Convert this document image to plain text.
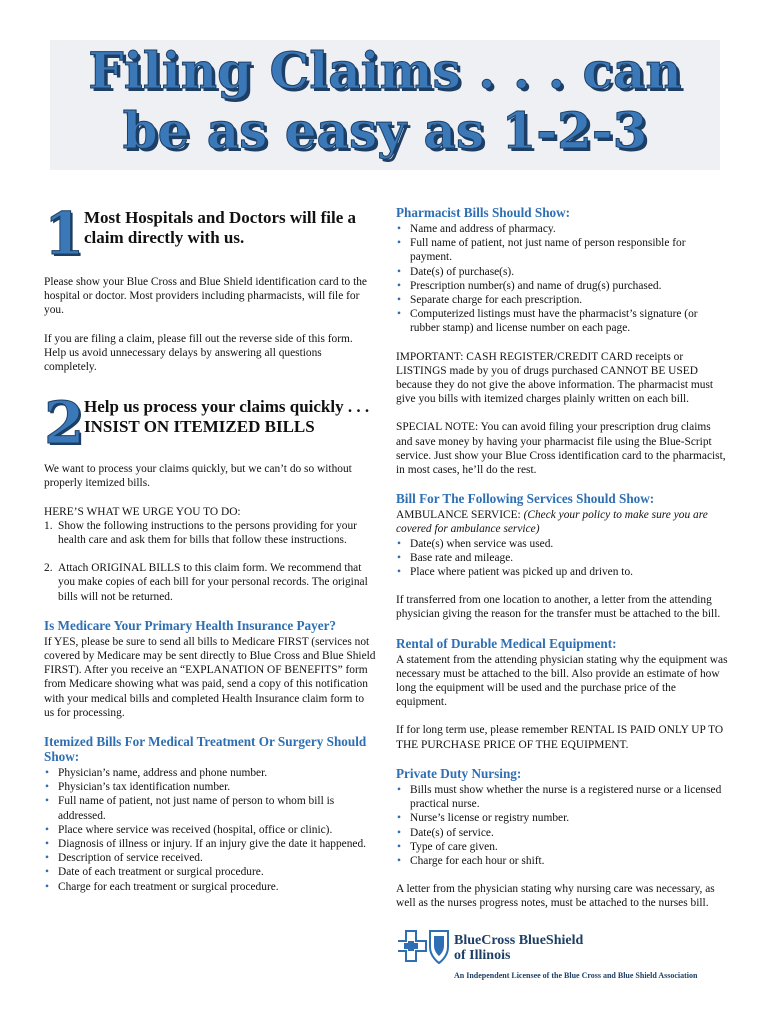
Filing Claims . . . can
be as easy as 1-2-3
1 Most Hospitals and Doctors will file a claim directly with us.

Please show your Blue Cross and Blue Shield identification card to the hospital or doctor. Most providers including pharmacists, will file for you.

If you are filing a claim, please fill out the reverse side of this form. Help us avoid unnecessary delays by answering all questions completely.

2 Help us process your claims quickly . . . INSIST ON ITEMIZED BILLS

We want to process your claims quickly, but we can’t do so without properly itemized bills.

HERE’S WHAT WE URGE YOU TO DO:

1. Show the following instructions to the persons providing for your health care and ask them for bills that follow these instructions.
2. Attach ORIGINAL BILLS to this claim form. We recommend that you make copies of each bill for your personal records. The original bills will not be returned.
Is Medicare Your Primary Health Insurance Payer?

If YES, please be sure to send all bills to Medicare FIRST (services not covered by Medicare may be sent directly to Blue Cross and Blue Shield FIRST). After you receive an “EXPLANATION OF BENEFITS” form from Medicare showing what was paid, send a copy of this notification with your medical bills and completed Health Insurance claim form to us for processing.

Itemized Bills For Medical Treatment Or Surgery Should Show:
• Physician’s name, address and phone number.
• Physician’s tax identification number.
• Full name of patient, not just name of person to whom bill is addressed.
• Place where service was received (hospital, office or clinic).
• Diagnosis of illness or injury. If an injury give the date it happened.
• Description of service received.
• Date of each treatment or surgical procedure.
• Charge for each treatment or surgical procedure.
Pharmacist Bills Should Show:
• Name and address of pharmacy.
• Full name of patient, not just name of person responsible for payment.
• Date(s) of purchase(s).
• Prescription number(s) and name of drug(s) purchased.
• Separate charge for each prescription.
• Computerized listings must have the pharmacist’s signature (or rubber stamp) and license number on each page.

IMPORTANT: CASH REGISTER/CREDIT CARD receipts or LISTINGS made by you of drugs purchased CANNOT BE USED because they do not give the above information. The pharmacist must give you bills with itemized charges plainly written on each bill.

SPECIAL NOTE: You can avoid filing your prescription drug claims and save money by having your pharmacist file using the Blue-Script service. Just show your Blue Cross identification card to the pharmacist, in most cases, he’ll do the rest.

Bill For The Following Services Should Show:
AMBULANCE SERVICE: (Check your policy to make sure you are covered for ambulance service)
• Date(s) when service was used.
• Base rate and mileage.
• Place where patient was picked up and driven to.

If transferred from one location to another, a letter from the attending physician giving the reason for the transfer must be attached to the bill.

Rental of Durable Medical Equipment:

A statement from the attending physician stating why the equipment was necessary must be attached to the bill. Also provide an estimate of how long the equipment will be used and the purchase price of the equipment.

If for long term use, please remember RENTAL IS PAID ONLY UP TO THE PURCHASE PRICE OF THE EQUIPMENT.

Private Duty Nursing:
• Bills must show whether the nurse is a registered nurse or a licensed practical nurse.
• Nurse’s license or registry number.
• Date(s) of service.
• Type of care given.
• Charge for each hour or shift.

A letter from the physician stating why nursing care was necessary, as well as the nurses progress notes, must be attached to the nurses bill.

BlueCross BlueShield
of Illinois
An Independent Licensee of the Blue Cross and Blue Shield Association
